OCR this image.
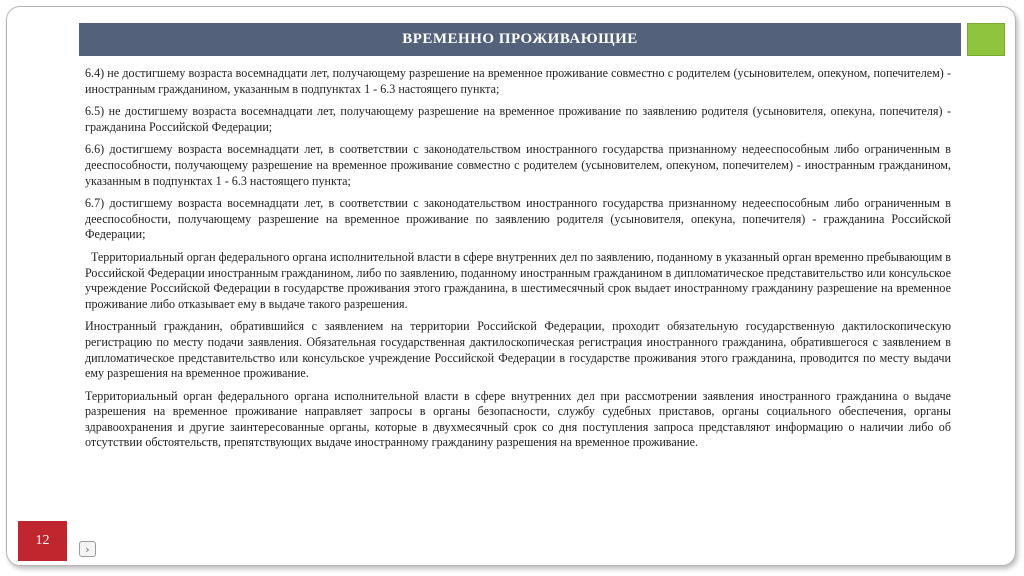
ВРЕМЕННО ПРОЖИВАЮЩИЕ

6.4) не достигшему возраста восемнадцати лет, получающему разрешение на временное проживание совместно с родителем (усыновителем, опекуном, попечителем) - иностранным гражданином, указанным в подпунктах 1 - 6.3 настоящего пункта;

6.5) не достигшему возраста восемнадцати лет, получающему разрешение на временное проживание по заявлению родителя (усыновителя, опекуна, попечителя) - гражданина Российской Федерации;

6.6) достигшему возраста восемнадцати лет, в соответствии с законодательством иностранного государства признанному недееспособным либо ограниченным в дееспособности, получающему разрешение на временное проживание совместно с родителем (усыновителем, опекуном, попечителем) - иностранным гражданином, указанным в подпунктах 1 - 6.3 настоящего пункта;

6.7) достигшему возраста восемнадцати лет, в соответствии с законодательством иностранного государства признанному недееспособным либо ограниченным в дееспособности, получающему разрешение на временное проживание по заявлению родителя (усыновителя, опекуна, попечителя) - гражданина Российской Федерации;

Территориальный орган федерального органа исполнительной власти в сфере внутренних дел по заявлению, поданному в указанный орган временно пребывающим в Российской Федерации иностранным гражданином, либо по заявлению, поданному иностранным гражданином в дипломатическое представительство или консульское учреждение Российской Федерации в государстве проживания этого гражданина, в шестимесячный срок выдает иностранному гражданину разрешение на временное проживание либо отказывает ему в выдаче такого разрешения.

Иностранный гражданин, обратившийся с заявлением на территории Российской Федерации, проходит обязательную государственную дактилоскопическую регистрацию по месту подачи заявления. Обязательная государственная дактилоскопическая регистрация иностранного гражданина, обратившегося с заявлением в дипломатическое представительство или консульское учреждение Российской Федерации в государстве проживания этого гражданина, проводится по месту выдачи ему разрешения на временное проживание.

Территориальный орган федерального органа исполнительной власти в сфере внутренних дел при рассмотрении заявления иностранного гражданина о выдаче разрешения на временное проживание направляет запросы в органы безопасности, службу судебных приставов, органы социального обеспечения, органы здравоохранения и другие заинтересованные органы, которые в двухмесячный срок со дня поступления запроса представляют информацию о наличии либо об отсутствии обстоятельств, препятствующих выдаче иностранному гражданину разрешения на временное проживание.

12
›
